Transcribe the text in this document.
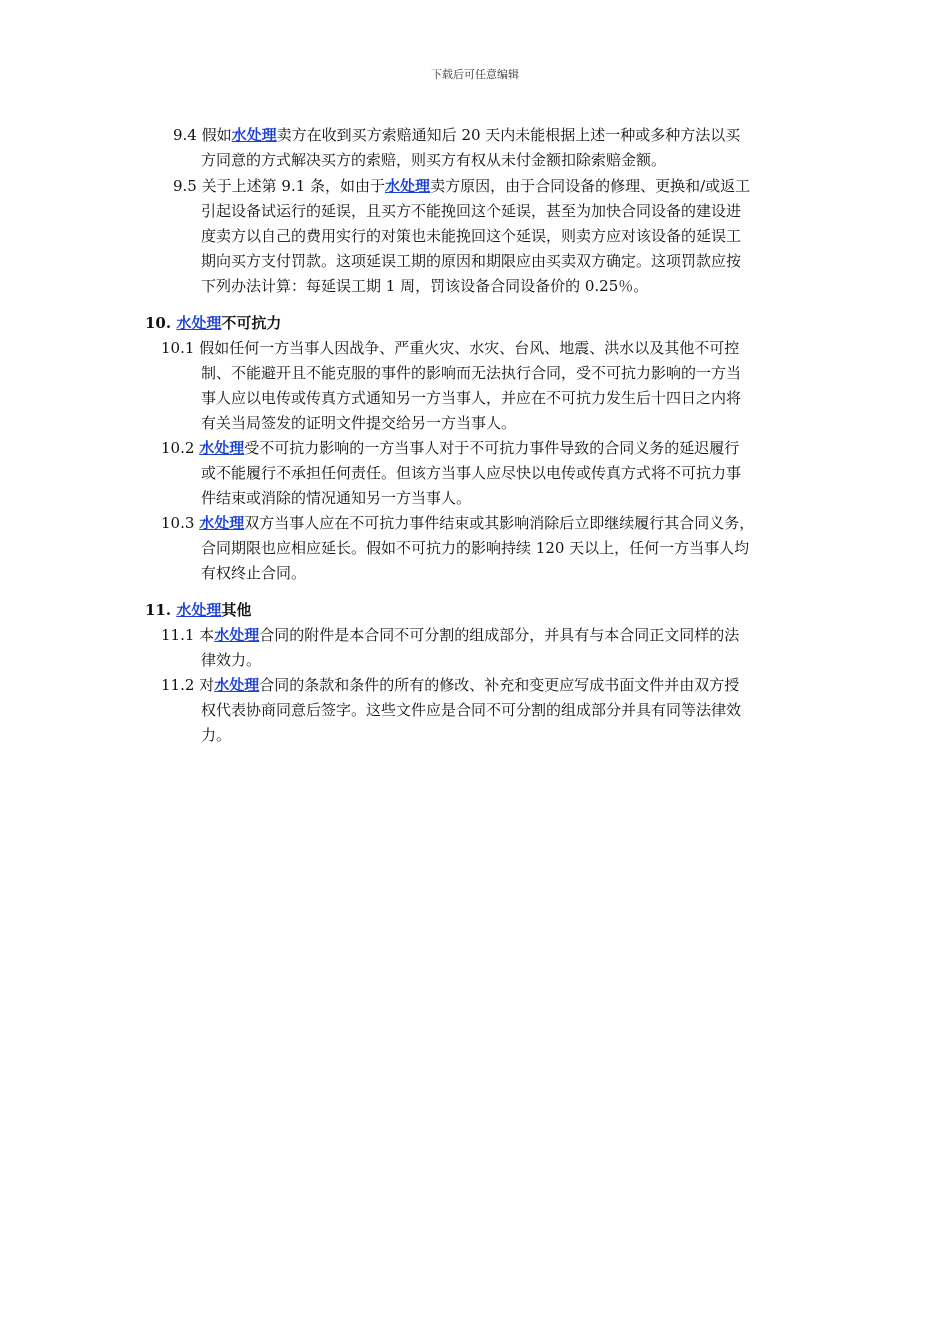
下载后可任意编辑
9.4 假如水处理卖方在收到买方索赔通知后 20 天内未能根据上述一种或多种方法以买
方同意的方式解决买方的索赔，则买方有权从未付金额扣除索赔金额。
9.5 关于上述第 9.1 条，如由于水处理卖方原因，由于合同设备的修理、更换和/或返工
引起设备试运行的延误，且买方不能挽回这个延误，甚至为加快合同设备的建设进
度卖方以自己的费用实行的对策也未能挽回这个延误，则卖方应对该设备的延误工
期向买方支付罚款。这项延误工期的原因和期限应由买卖双方确定。这项罚款应按
下列办法计算：每延误工期 1 周，罚该设备合同设备价的 0.25％。
10. 水处理不可抗力
10.1 假如任何一方当事人因战争、严重火灾、水灾、台风、地震、洪水以及其他不可控
制、不能避开且不能克服的事件的影响而无法执行合同，受不可抗力影响的一方当
事人应以电传或传真方式通知另一方当事人，并应在不可抗力发生后十四日之内将
有关当局签发的证明文件提交给另一方当事人。
10.2 水处理受不可抗力影响的一方当事人对于不可抗力事件导致的合同义务的延迟履行
或不能履行不承担任何责任。但该方当事人应尽快以电传或传真方式将不可抗力事
件结束或消除的情况通知另一方当事人。
10.3 水处理双方当事人应在不可抗力事件结束或其影响消除后立即继续履行其合同义务，
合同期限也应相应延长。假如不可抗力的影响持续 120 天以上，任何一方当事人均
有权终止合同。
11. 水处理其他
11.1 本水处理合同的附件是本合同不可分割的组成部分，并具有与本合同正文同样的法
律效力。
11.2 对水处理合同的条款和条件的所有的修改、补充和变更应写成书面文件并由双方授
权代表协商同意后签字。这些文件应是合同不可分割的组成部分并具有同等法律效
力。
